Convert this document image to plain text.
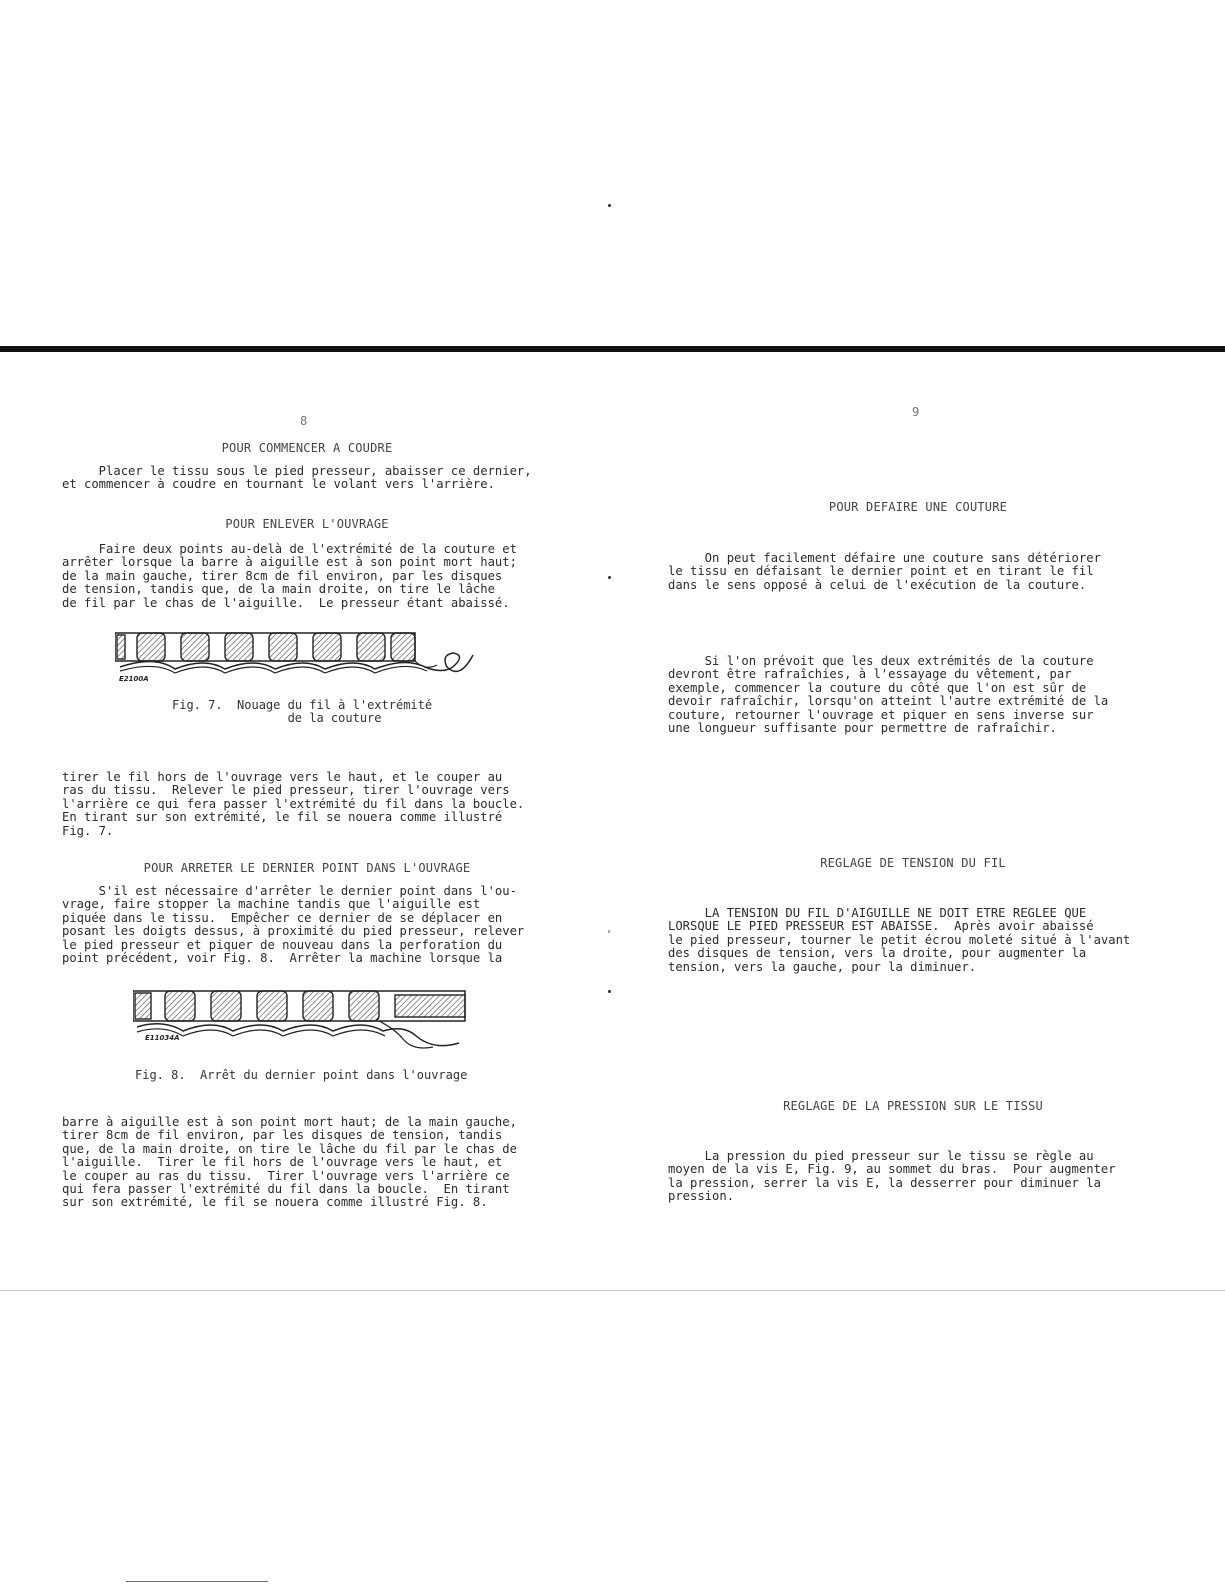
8
POUR COMMENCER A COUDRE
Placer le tissu sous le pied presseur, abaisser ce dernier,
et commencer à coudre en tournant le volant vers l'arrière.
POUR ENLEVER L'OUVRAGE
Faire deux points au-delà de l'extrémité de la couture et
arrêter lorsque la barre à aiguille est à son point mort haut;
de la main gauche, tirer 8cm de fil environ, par les disques
de tension, tandis que, de la main droite, on tire le lâche
de fil par le chas de l'aiguille.  Le presseur étant abaissé.
E2100A
Fig. 7.  Nouage du fil à l'extrémité
de la couture
tirer le fil hors de l'ouvrage vers le haut, et le couper au
ras du tissu.  Relever le pied presseur, tirer l'ouvrage vers
l'arrière ce qui fera passer l'extrémité du fil dans la boucle.
En tirant sur son extrémité, le fil se nouera comme illustré
Fig. 7.
POUR ARRETER LE DERNIER POINT DANS L'OUVRAGE
S'il est nécessaire d'arrêter le dernier point dans l'ou-
vrage, faire stopper la machine tandis que l'aiguille est
piquée dans le tissu.  Empêcher ce dernier de se déplacer en
posant les doigts dessus, à proximité du pied presseur, relever
le pied presseur et piquer de nouveau dans la perforation du
point précédent, voir Fig. 8.  Arrêter la machine lorsque la
E11034A
Fig. 8.  Arrêt du dernier point dans l'ouvrage
barre à aiguille est à son point mort haut; de la main gauche,
tirer 8cm de fil environ, par les disques de tension, tandis
que, de la main droite, on tire le lâche du fil par le chas de
l'aiguille.  Tirer le fil hors de l'ouvrage vers le haut, et
le couper au ras du tissu.  Tirer l'ouvrage vers l'arrière ce
qui fera passer l'extrémité du fil dans la boucle.  En tirant
sur son extrémité, le fil se nouera comme illustré Fig. 8.
9
POUR DEFAIRE UNE COUTURE
On peut facilement défaire une couture sans détériorer
le tissu en défaisant le dernier point et en tirant le fil
dans le sens opposé à celui de l'exécution de la couture.
Si l'on prévoit que les deux extrémités de la couture
devront être rafraîchies, à l'essayage du vêtement, par
exemple, commencer la couture du côté que l'on est sûr de
devoir rafraîchir, lorsqu'on atteint l'autre extrémité de la
couture, retourner l'ouvrage et piquer en sens inverse sur
une longueur suffisante pour permettre de rafraîchir.
REGLAGE DE TENSION DU FIL
LA TENSION DU FIL D'AIGUILLE NE DOIT ETRE REGLEE QUE
LORSQUE LE PIED PRESSEUR EST ABAISSE.  Après avoir abaissé
le pied presseur, tourner le petit écrou moleté situé à l'avant
des disques de tension, vers la droite, pour augmenter la
tension, vers la gauche, pour la diminuer.
REGLAGE DE LA PRESSION SUR LE TISSU
La pression du pied presseur sur le tissu se règle au
moyen de la vis E, Fig. 9, au sommet du bras.  Pour augmenter
la pression, serrer la vis E, la desserrer pour diminuer la
pression.
